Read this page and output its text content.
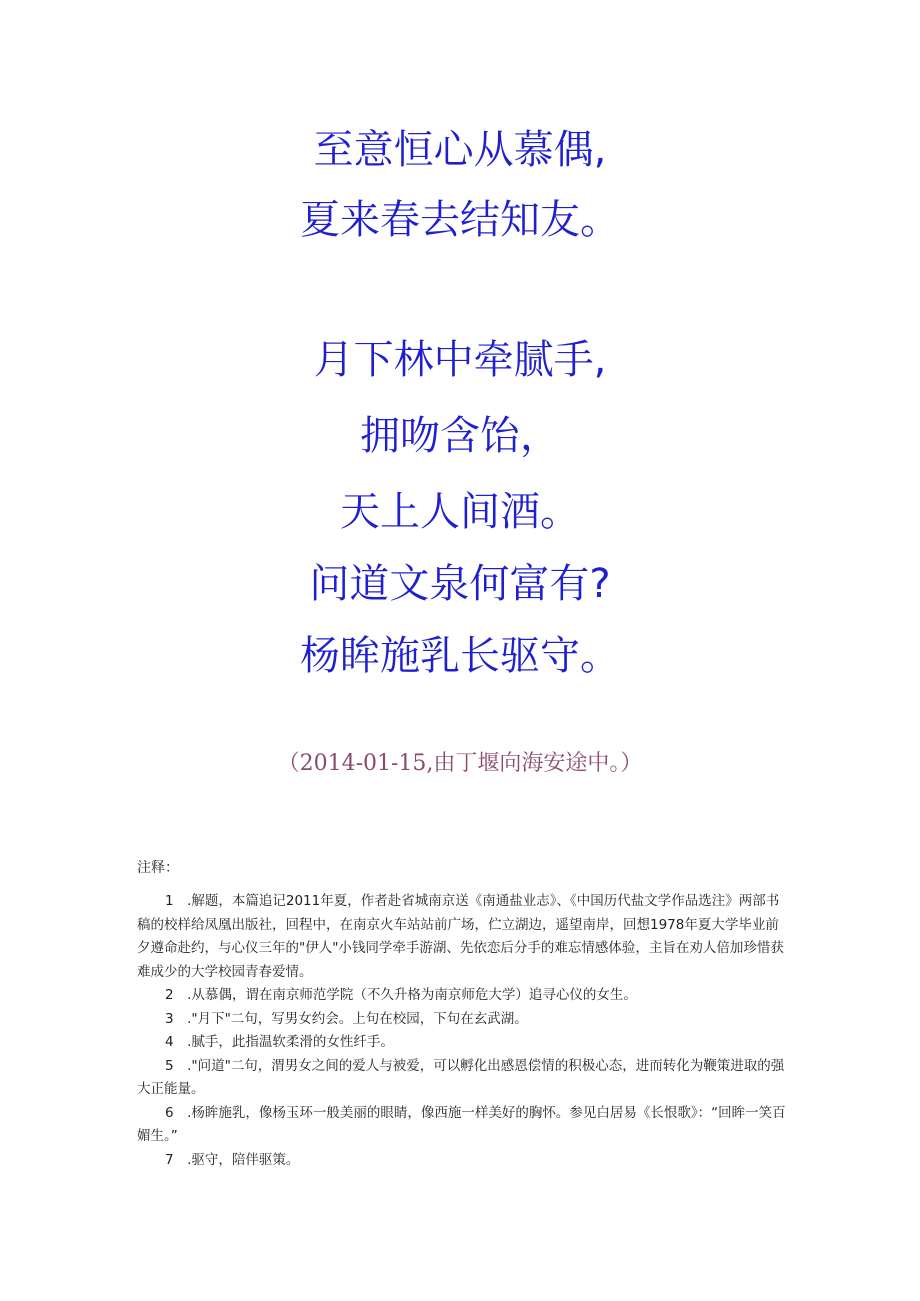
至意恒心从慕偶,
夏来春去结知友。
月下林中牵腻手,
拥吻含饴，
天上人间酒。
问道文泉何富有?
杨眸施乳长驱守。
（2014-01-15,由丁堰向海安途中。）
注释：

1　.解题，本篇追记2011年夏，作者赴省城南京送《南通盐业志》、《中国历代盐文学作品选注》两部书稿的校样给凤凰出版社，回程中，在南京火车站站前广场，伫立湖边，遥望南岸，回想1978年夏大学毕业前夕遵命赴约，与心仪三年的"伊人"小钱同学牵手游湖、先依恋后分手的难忘情感体验，主旨在劝人倍加珍惜获难成少的大学校园青春爱情。

2　.从慕偶，谓在南京师范学院（不久升格为南京师危大学）追寻心仪的女生。

3　."月下"二句，写男女约会。上句在校园，下句在玄武湖。

4　.腻手，此指温软柔滑的女性纤手。

5　."问道"二句，渭男女之间的爱人与被爱，可以孵化出感恩偿情的积极心态，进而转化为鞭策进取的强大正能量。

6　.杨眸施乳，像杨玉环一般美丽的眼睛，像西施一样美好的胸怀。参见白居易《长恨歌》：“回眸一笑百媚生。”

7　.驱守，陪伴驱策。
